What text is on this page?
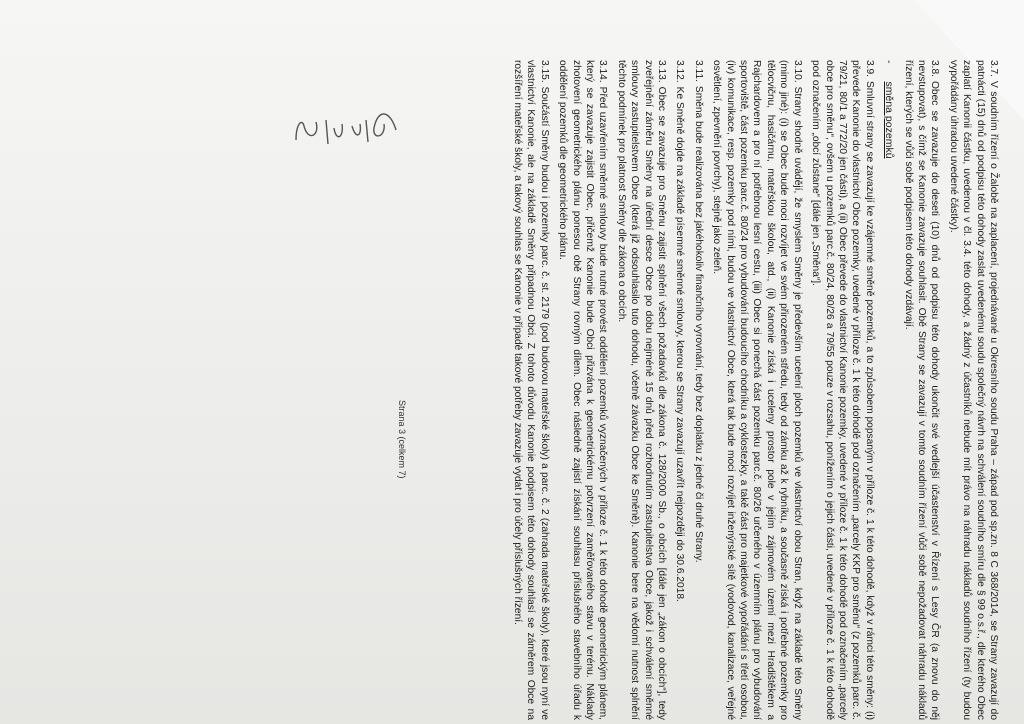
3.7.V soudním řízení o Žalobě na zaplacení, projednávané u Okresního soudu Praha – západ pod sp.zn. 8 C 368/2014, se Strany zavazují do patnácti (15) dnů od podpisu této dohody zaslat uvedenému soudu společný návrh na schválení soudního smíru dle § 99 o.s.ř., dle kterého Obec zaplatí Kanonii částku, uvedenou v čl. 3.4. této dohody, a žádný z účastníků nebude mít právo na náhradu nákladů soudního řízení (ty budou vypořádány úhradou uvedené částky).

3.8.Obec se zavazuje do deseti (10) dnů od podpisu této dohody ukončit své vedlejší účastenství v Řízení s Lesy ČR (a znovu do něj nevstupovat), s čímž se Kanonie zavazuje souhlasit. Obě Strany se zavazují v tomto soudním řízení vůči sobě nepožadovat náhradu nákladů řízení, kterých se vůči sobě podpisem této dohody vzdávají.

-směna pozemků

3.9.Smluvní strany se zavazují ke vzájemné směně pozemků, a to způsobem popsaným v příloze č. 1 k této dohodě, když v rámci této směny: (i) převede Kanonie do vlastnictví Obce pozemky, uvedené v příloze č. 1 k této dohodě pod označením „parcely KKP pro směnu“ (z pozemků parc. č. 79/21, 80/1 a 772/20 jen části), a (ii) Obec převede do vlastnictví Kanonie pozemky, uvedené v příloze č. 1 k této dohodě pod označením „parcely obce pro směnu“, ovšem u pozemků parc.č. 80/24, 80/26 a 79/55 pouze v rozsahu, ponížením o jejich části, uvedené v příloze č. 1 k této dohodě pod označením „obcí zůstane“ [dále jen „Směna“].

3.10.Strany shodně uvádějí, že smyslem Směny je především ucelení ploch pozemků ve vlastnictví obou Stran, když na základě této Směny (mimo jiné): (i) se Obec bude moci rozvíjet ve svém přirozeném středu, tedy od zámku až k rybníku, a současně získá i potřebné pozemky pro tělocvičnu, hasičárnu, mateřskou školou, atd., (ii) Kanonie získá i uceleny prostor pole v jejím zájmovém území mezi Hradištěkem a Rajchardovem a pro ní potřebnou lesní cestu, (iii) Obec si ponechá část pozemku parc.č. 80/26 určeného v územním plánu pro vybudování sportoviště, část pozemku parc.č. 80/24 pro vybudování budoucího chodníku a cyklostezky, a takě část pro majetkové vypořádání s třetí osobou, (iv) komunikace, resp. pozemky pod ními, budou ve vlastnictví Obce, která tak bude moci rozvíjet inženýrské sítě (vodovod, kanalizace, veřejné osvětlení, zpevnění povrchy), stejně jako zeleň.

3.11.Směna bude realizována bez jakéhokoliv finančního vyrovnání, tedy bez doplatku z jedné či druhé Strany.

3.12.Ke Směně dojde na základě písemné směnné smlouvy, kterou se Strany zavazují uzavřít nejpozději do 30.6.2018.

3.13.Obec se zavazuje pro Směnu zajistit splnění všech požadavků dle zákona č. 128/2000 Sb., o obcích [dále jen „zákon o obcích“], tedy zveřejnění záměru Směny na úřední desce Obce po dobu nejméně 15 dnů před rozhodnutím zastupitelstva Obce, jakož i schválení směnné smlouvy zastupitelstvem Obce (která již odsouhlasilo tuto dohodu, včetně závazku Obce ke Směně). Kanonie bere na vědomí nutnost splnění těchto podmínek pro platnost Směny dle zákona o obcích.

3.14.Před uzavřením směnné smlouvy bude nutné provést oddělení pozemků vyznačených v příloze č. 1 k této dohodě geometrickým plánem, který se zavazuje zajistit Obec, přičemž Kanonie bude Obci přizvána k geometrickému potvrzení zaměřovaného stavu v terénu. Náklady zhotovení geometrického plánu ponesou obě Strany rovným dílem. Obec následně zajistí získání souhlasu příslušného stavebního úřadu k oddělení pozemků dle geometrického plánu.

3.15.Součástí Směny budou i pozemky parc. č. st. 2179 (pod budovou mateřské školy) a parc. č. 2 (zahrada mateřské školy), které jsou nyní ve vlastnictví Kanonie, ale na základě Směny připadnou Obci. Z tohoto důvodu Kanonie podpisem této dohody souhlasí se záměrem Obce na rozšíření mateřské školy, a takový souhlas se Kanonie v případě takové potřeby zavazuje vydat i pro účely příslušných řízení.

Strana 3 (celkem 7)
